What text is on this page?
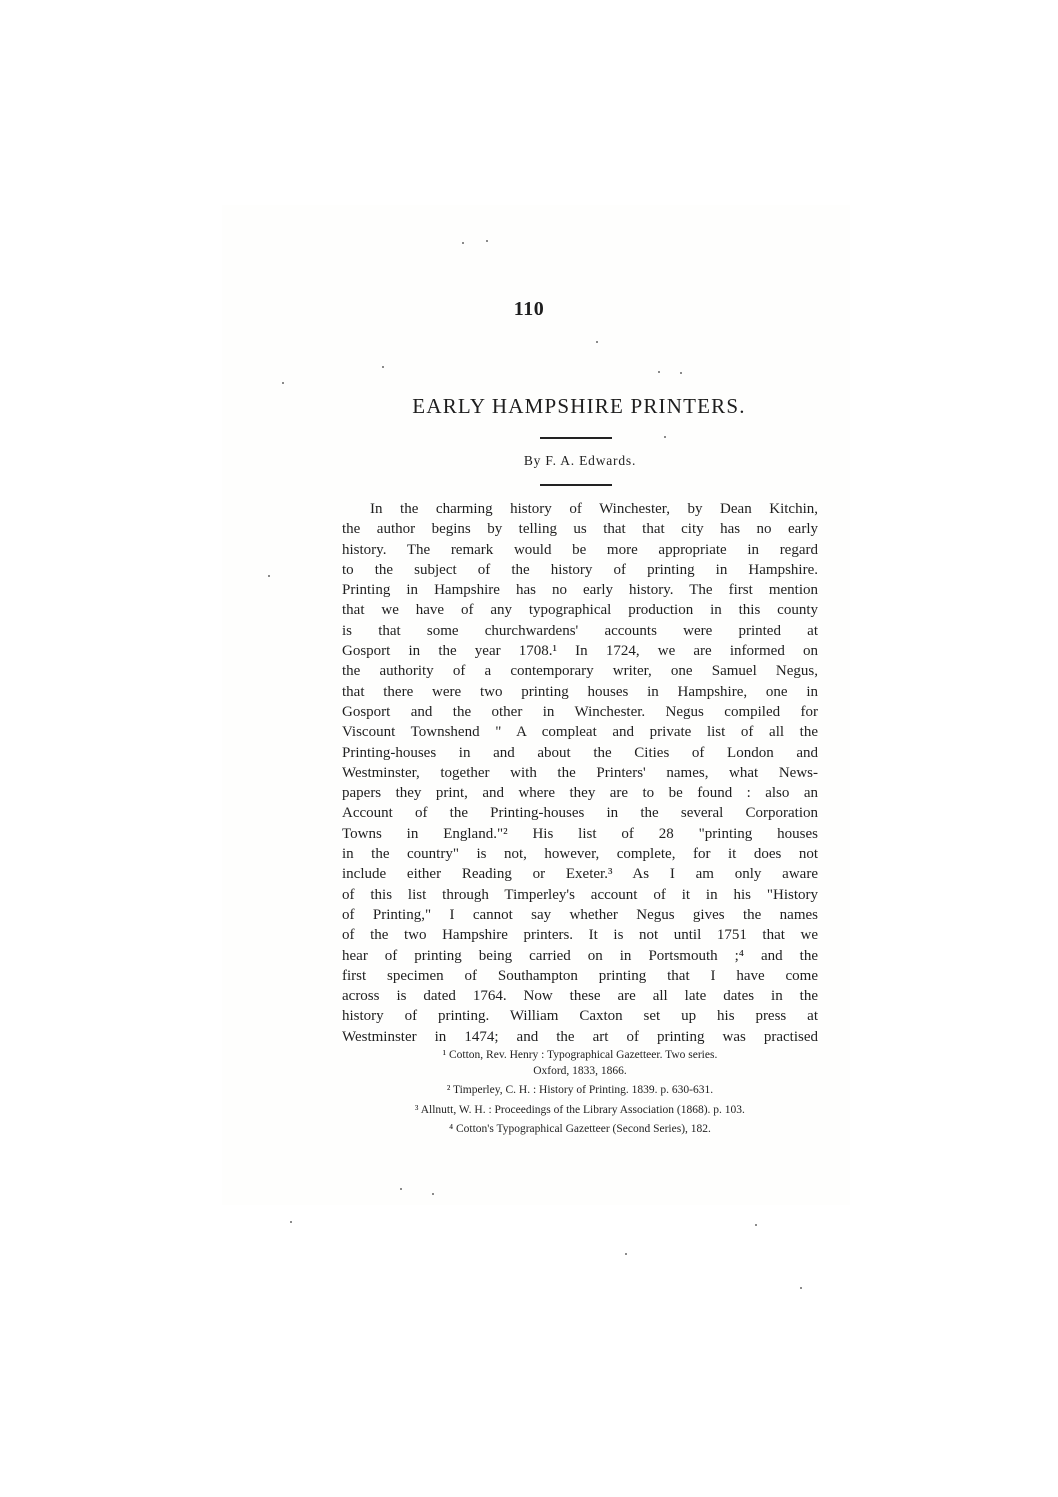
110
EARLY HAMPSHIRE PRINTERS.
By F. A. Edwards.
In the charming history of Winchester, by Dean Kitchin,
the author begins by telling us that that city has no early
history. The remark would be more appropriate in regard
to the subject of the history of printing in Hampshire.
Printing in Hampshire has no early history. The first mention
that we have of any typographical production in this county
is that some churchwardens' accounts were printed at
Gosport in the year 1708.¹ In 1724, we are informed on
the authority of a contemporary writer, one Samuel Negus,
that there were two printing houses in Hampshire, one in
Gosport and the other in Winchester. Negus compiled for
Viscount Townshend " A compleat and private list of all the
Printing-houses in and about the Cities of London and
Westminster, together with the Printers' names, what News-
papers they print, and where they are to be found : also an
Account of the Printing-houses in the several Corporation
Towns in England."² His list of 28 "printing houses
in the country" is not, however, complete, for it does not
include either Reading or Exeter.³ As I am only aware
of this list through Timperley's account of it in his "History
of Printing," I cannot say whether Negus gives the names
of the two Hampshire printers. It is not until 1751 that we
hear of printing being carried on in Portsmouth ;⁴ and the
first specimen of Southampton printing that I have come
across is dated 1764. Now these are all late dates in the
history of printing. William Caxton set up his press at
Westminster in 1474; and the art of printing was practised
¹ Cotton, Rev. Henry : Typographical Gazetteer. Two series.
Oxford, 1833, 1866.
² Timperley, C. H. : History of Printing. 1839. p. 630-631.
³ Allnutt, W. H. : Proceedings of the Library Association (1868). p. 103.
⁴ Cotton's Typographical Gazetteer (Second Series), 182.
